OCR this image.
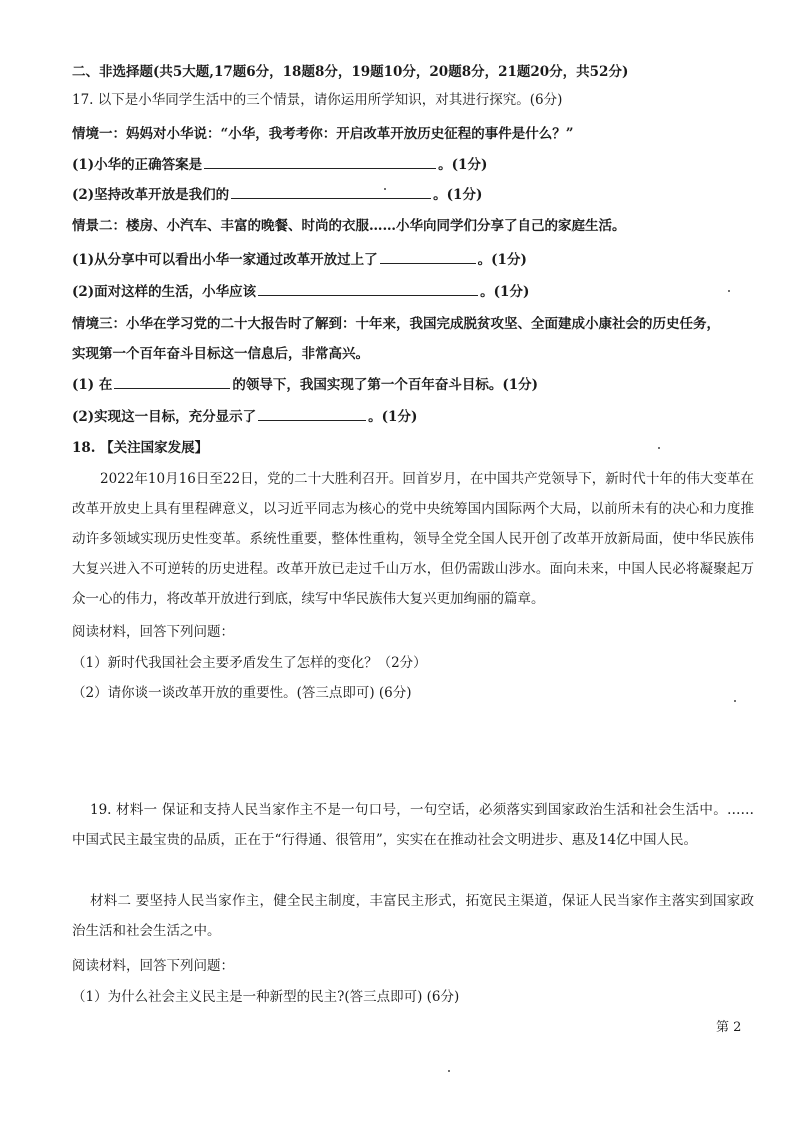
二、非选择题(共5大题,17题6分，18题8分，19题10分，20题8分，21题20分，共52分)
17. 以下是小华同学生活中的三个情景，请你运用所学知识，对其进行探究。(6分)
情境一：妈妈对小华说：“小华，我考考你：开启改革开放历史征程的事件是什么？”
(1)小华的正确答案是	。(1分)
(2)坚持改革开放是我们的	。(1分)
情景二：楼房、小汽车、丰富的晚餐、时尚的衣服……小华向同学们分享了自己的家庭生活。
(1)从分享中可以看出小华一家通过改革开放过上了	。(1分)
(2)面对这样的生活，小华应该	。(1分)
情境三：小华在学习党的二十大报告时了解到：十年来，我国完成脱贫攻坚、全面建成小康社会的历史任务，
实现第一个百年奋斗目标这一信息后，非常高兴。
(1) 在	的领导下，我国实现了第一个百年奋斗目标。(1分)
(2)实现这一目标，充分显示了	。(1分)
18. 【关注国家发展】
2022年10月16日至22日，党的二十大胜利召开。回首岁月，在中国共产党领导下，新时代十年的伟大变革在改革开放史上具有里程碑意义，以习近平同志为核心的党中央统筹国内国际两个大局，以前所未有的决心和力度推动许多领域实现历史性变革。系统性重要，整体性重构，领导全党全国人民开创了改革开放新局面，使中华民族伟大复兴进入不可逆转的历史进程。改革开放已走过千山万水，但仍需跋山涉水。面向未来，中国人民必将凝聚起万众一心的伟力，将改革开放进行到底，续写中华民族伟大复兴更加绚丽的篇章。
阅读材料，回答下列问题：
（1）新时代我国社会主要矛盾发生了怎样的变化？（2分）
（2）请你谈一谈改革开放的重要性。(答三点即可) (6分)
19. 材料一 保证和支持人民当家作主不是一句口号，一句空话，必须落实到国家政治生活和社会生活中。……中国式民主最宝贵的品质，正在于“行得通、很管用”，实实在在推动社会文明进步、惠及14亿中国人民。
材料二 要坚持人民当家作主，健全民主制度，丰富民主形式，拓宽民主渠道，保证人民当家作主落实到国家政治生活和社会生活之中。
阅读材料，回答下列问题：
（1）为什么社会主义民主是一种新型的民主?(答三点即可) (6分)
第 2
